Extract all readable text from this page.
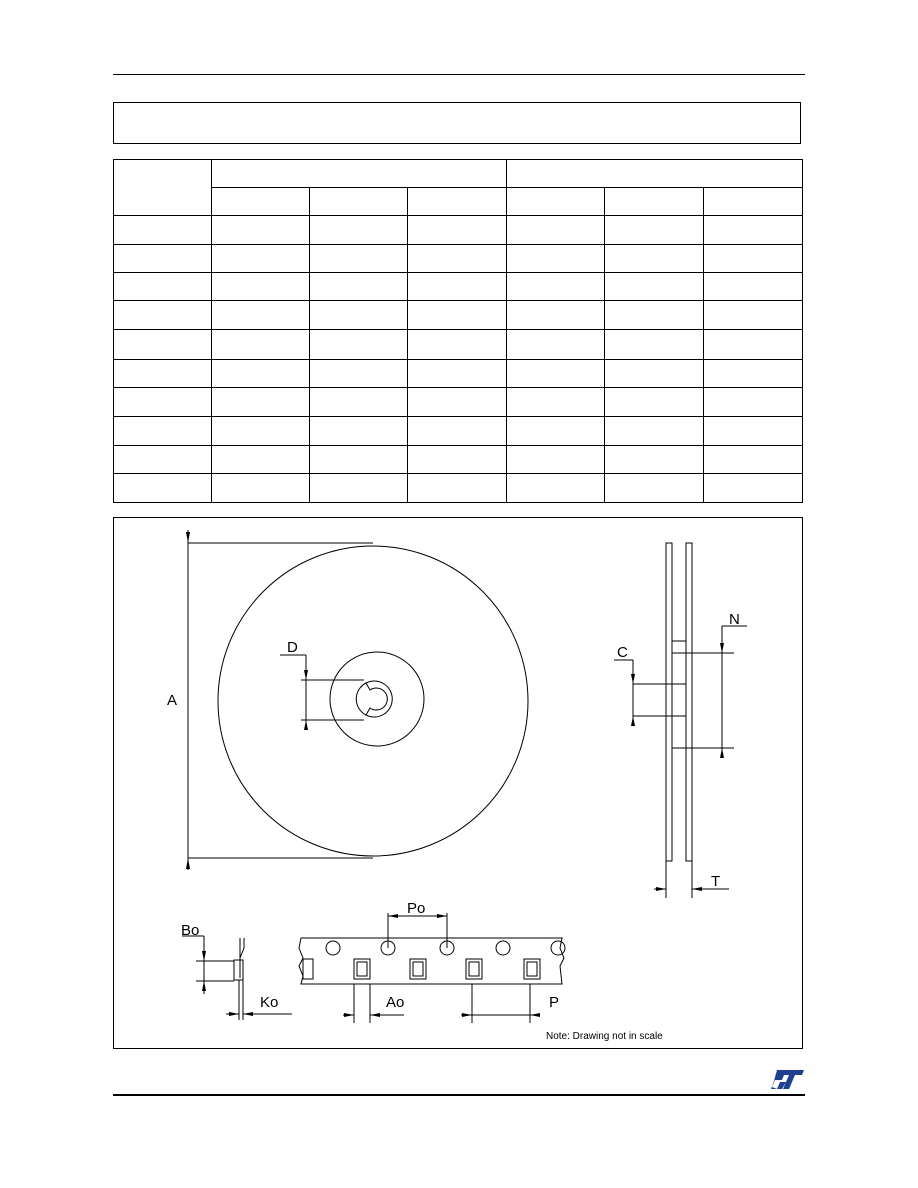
A
D	C
N
T
Po
Bo
Ko	Ao	P
Note: Drawing not in scale
